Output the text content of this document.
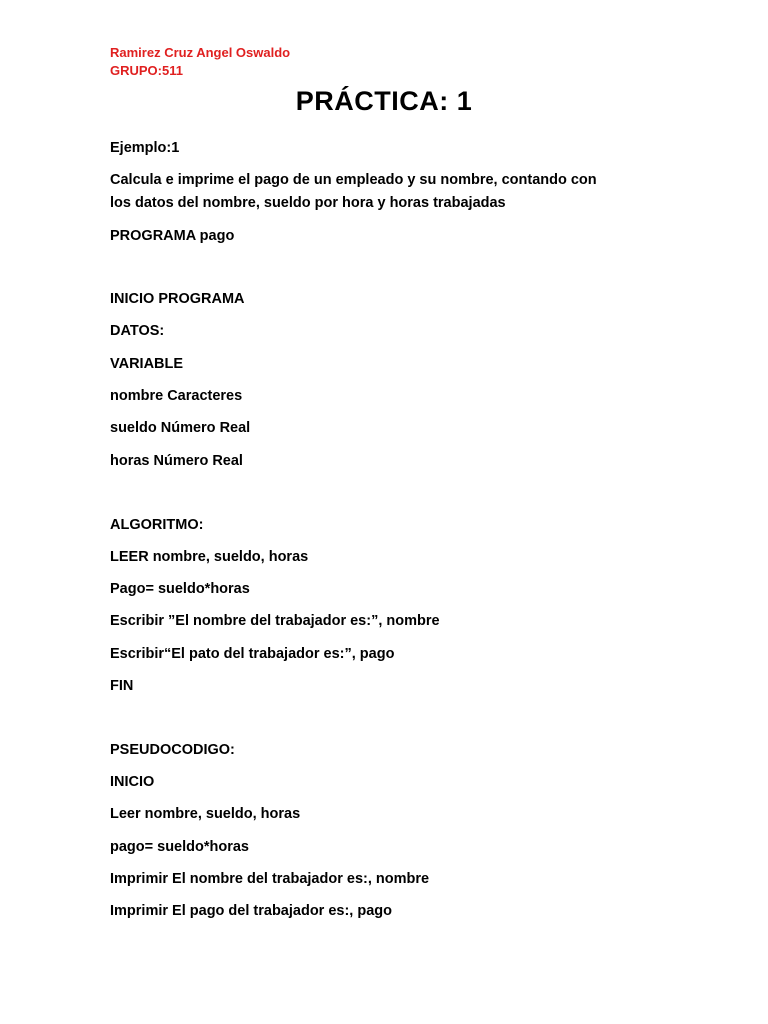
Ramirez Cruz Angel Oswaldo
GRUPO:511
PRÁCTICA: 1
Ejemplo:1
Calcula e imprime el pago de un empleado y su nombre, contando con
los datos del nombre, sueldo por hora y horas trabajadas
PROGRAMA pago
INICIO PROGRAMA
DATOS:
VARIABLE
nombre Caracteres
sueldo Número Real
horas Número Real
ALGORITMO:
LEER nombre, sueldo, horas
Pago= sueldo*horas
Escribir ”El nombre del trabajador es:”, nombre
Escribir“El pato del trabajador es:”, pago
FIN
PSEUDOCODIGO:
INICIO
Leer nombre, sueldo, horas
pago= sueldo*horas
Imprimir El nombre del trabajador es:, nombre
Imprimir El pago del trabajador es:, pago
